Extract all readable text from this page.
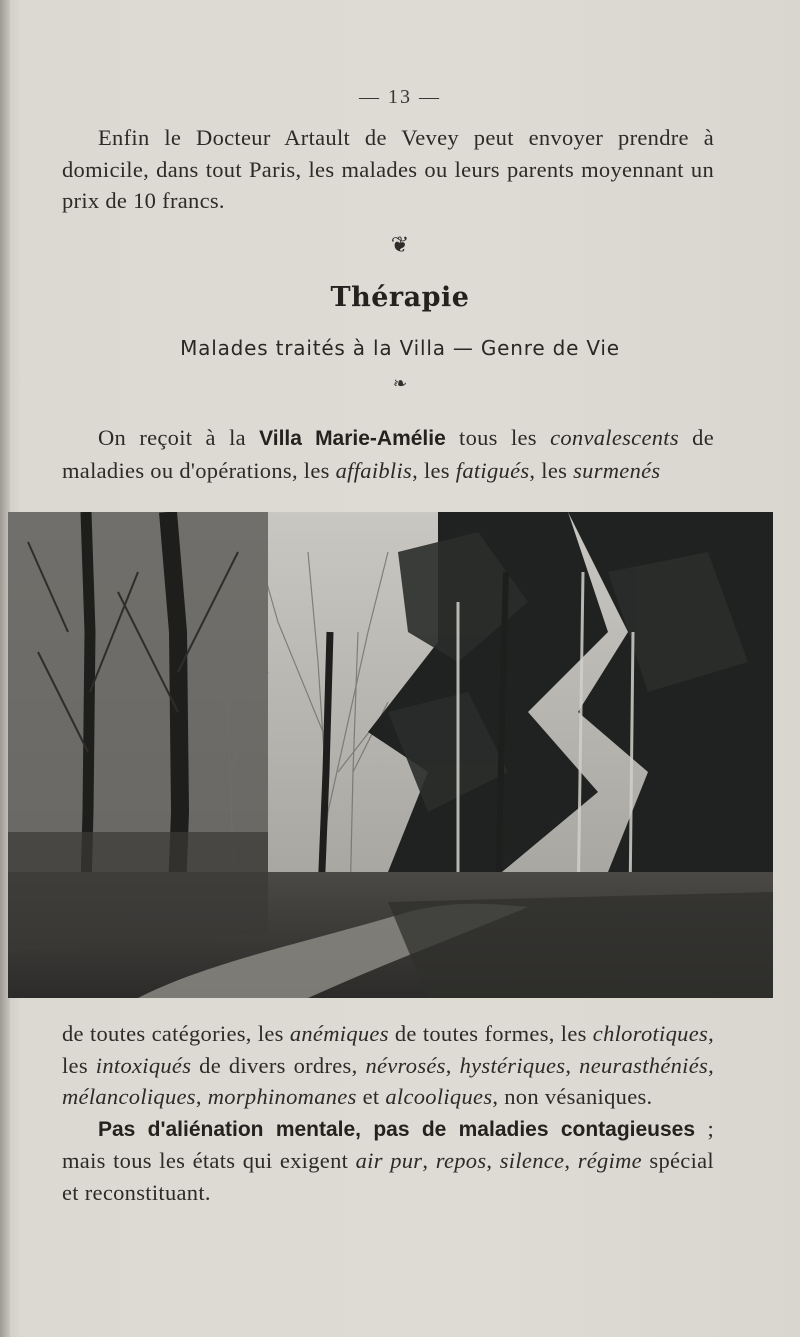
— 13 —

Enfin le Docteur Artault de Vevey peut envoyer prendre à domicile, dans tout Paris, les malades ou leurs parents moyennant un prix de 10 francs.

❦
Thérapie
Malades traités à la Villa — Genre de Vie
❧

On reçoit à la Villa Marie-Amélie tous les convalescents de maladies ou d'opérations, les affaiblis, les fatigués, les surmenés

de toutes catégories, les anémiques de toutes formes, les chlorotiques, les intoxiqués de divers ordres, névrosés, hystériques, neurasthéniés, mélancoliques, morphinomanes et alcooliques, non vésaniques.

Pas d'aliénation mentale, pas de maladies contagieuses ; mais tous les états qui exigent air pur, repos, silence, régime spécial et reconstituant.
